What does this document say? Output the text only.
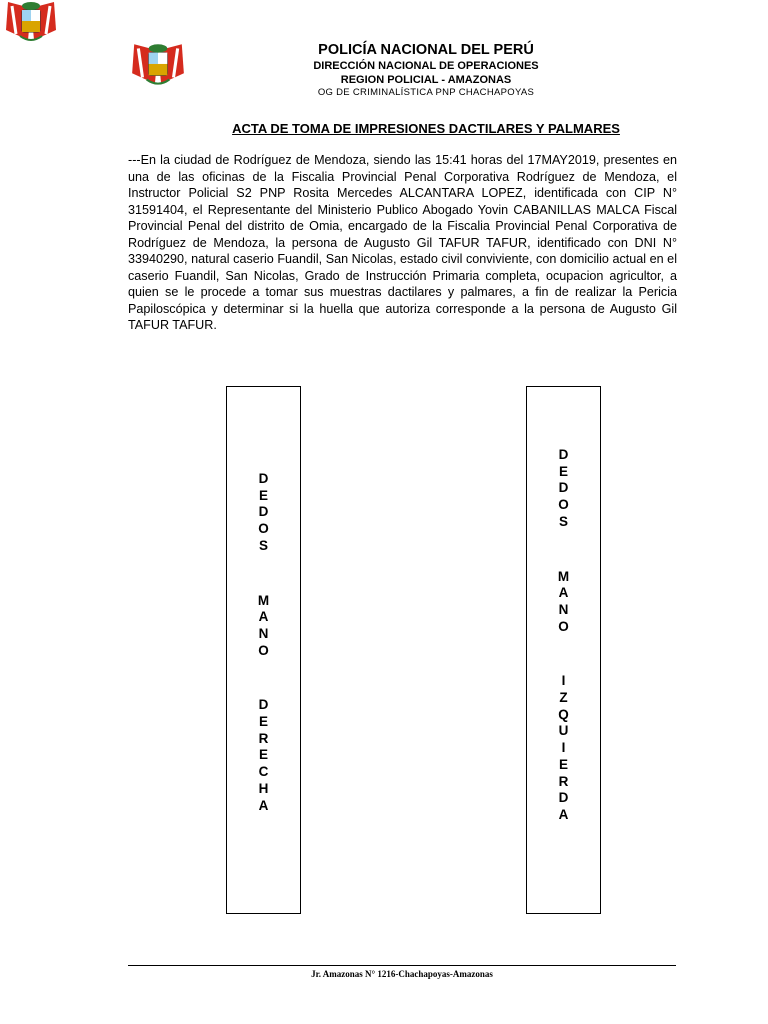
POLICÍA NACIONAL DEL PERÚ
DIRECCIÓN NACIONAL DE OPERACIONES
REGION POLICIAL - AMAZONAS
OG DE CRIMINALÍSTICA PNP CHACHAPOYAS
ACTA DE TOMA DE IMPRESIONES DACTILARES Y PALMARES
---En la ciudad de Rodríguez de Mendoza, siendo las 15:41 horas del 17MAY2019, presentes en una de las oficinas de la Fiscalia Provincial Penal Corporativa Rodríguez de Mendoza, el Instructor Policial S2 PNP Rosita Mercedes ALCANTARA LOPEZ, identificada con CIP N° 31591404, el Representante del Ministerio Publico Abogado Yovin CABANILLAS MALCA Fiscal Provincial Penal del distrito de Omia, encargado de la Fiscalia Provincial Penal Corporativa de Rodríguez de Mendoza, la persona de Augusto Gil TAFUR TAFUR, identificado con DNI N° 33940290, natural caserio Fuandil, San Nicolas, estado civil conviviente, con domicilio actual en el caserio Fuandil, San Nicolas, Grado de Instrucción Primaria completa, ocupacion agricultor, a quien se le procede a tomar sus muestras dactilares y palmares, a fin de realizar la Pericia Papiloscópica y determinar si la huella que autoriza corresponde a la persona de Augusto Gil TAFUR TAFUR.
D
E
D
O
S
M
A
N
O
D
E
R
E
C
H
A
D
E
D
O
S
M
A
N
O
I
Z
Q
U
I
E
R
D
A
Jr. Amazonas N° 1216-Chachapoyas-Amazonas
